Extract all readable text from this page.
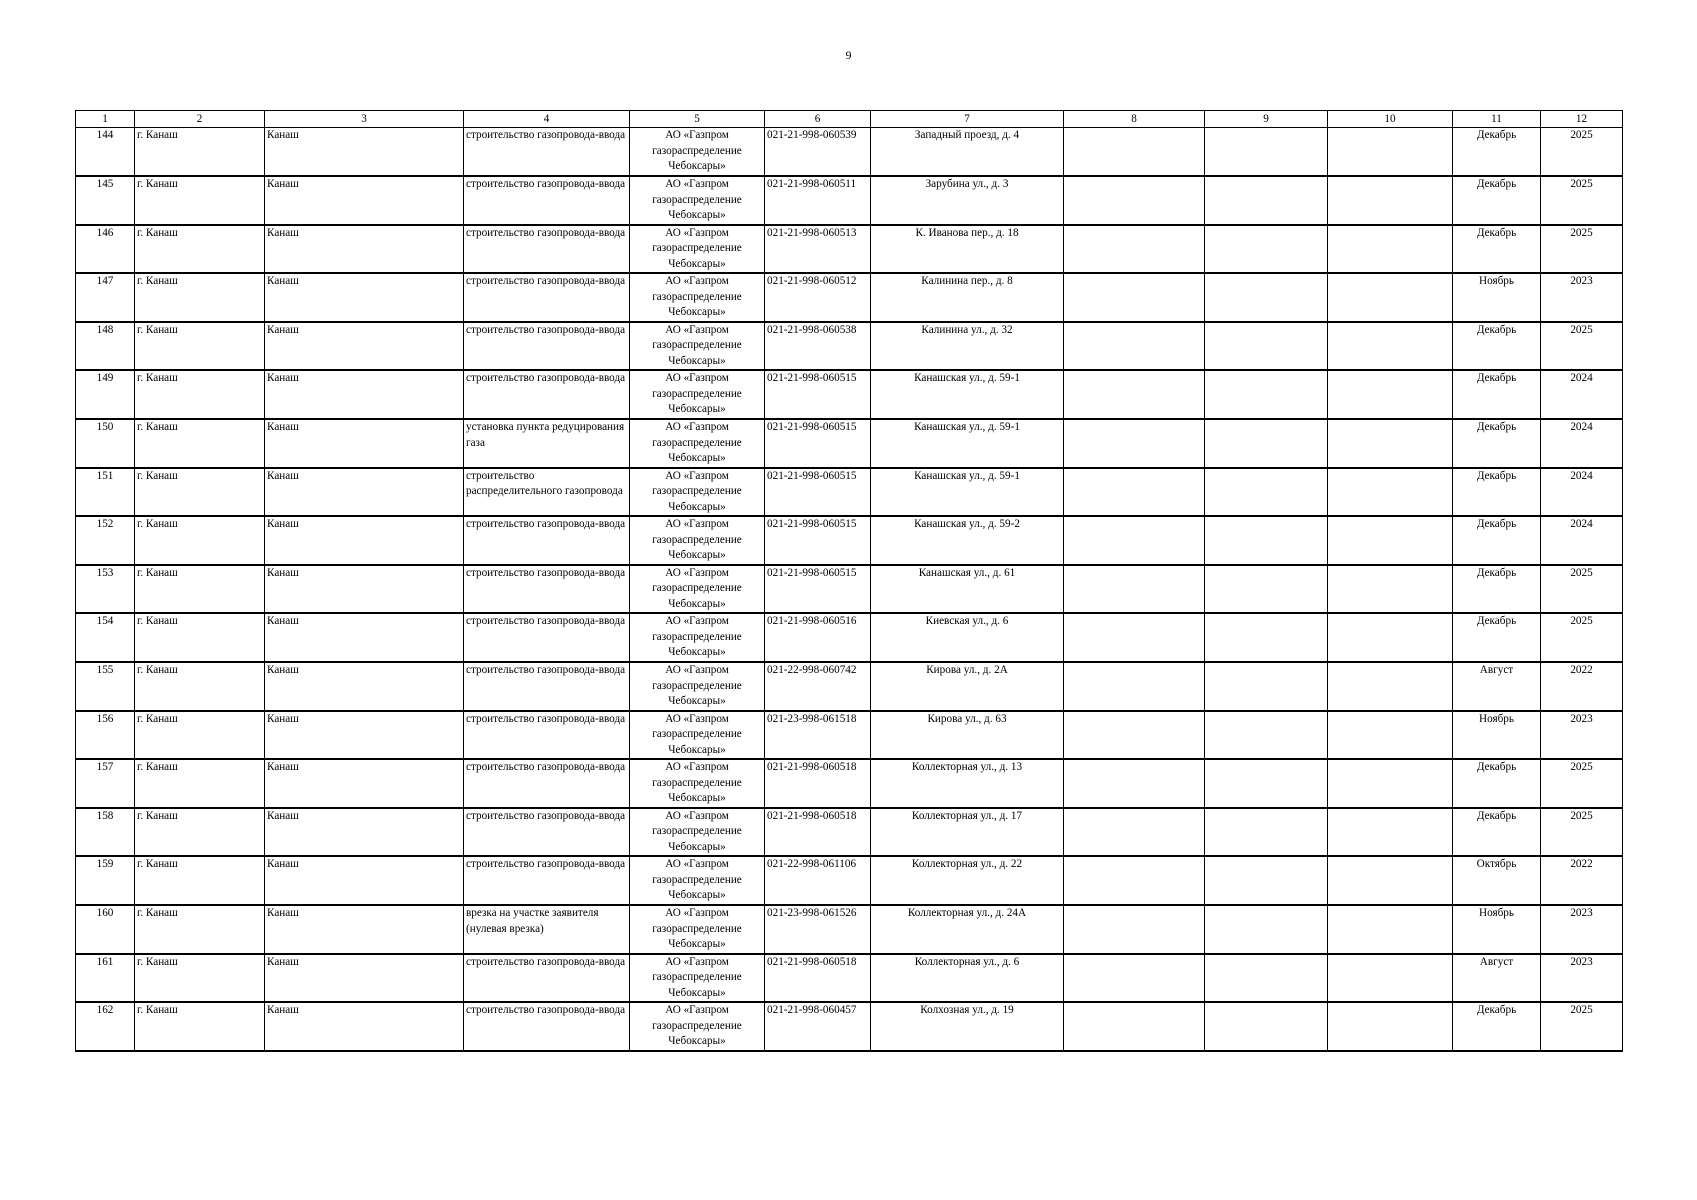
9
1	2	3	4	5	6	7	8	9	10	11	12
144	г. Канаш	Канаш	строительство газопровода-ввода	АО «Газпром газораспределение Чебоксары»	021-21-998-060539	Западный проезд, д. 4				Декабрь	2025
145	г. Канаш	Канаш	строительство газопровода-ввода	АО «Газпром газораспределение Чебоксары»	021-21-998-060511	Зарубина ул., д. 3				Декабрь	2025
146	г. Канаш	Канаш	строительство газопровода-ввода	АО «Газпром газораспределение Чебоксары»	021-21-998-060513	К. Иванова пер., д. 18				Декабрь	2025
147	г. Канаш	Канаш	строительство газопровода-ввода	АО «Газпром газораспределение Чебоксары»	021-21-998-060512	Калинина пер., д. 8				Ноябрь	2023
148	г. Канаш	Канаш	строительство газопровода-ввода	АО «Газпром газораспределение Чебоксары»	021-21-998-060538	Калинина ул., д. 32				Декабрь	2025
149	г. Канаш	Канаш	строительство газопровода-ввода	АО «Газпром газораспределение Чебоксары»	021-21-998-060515	Канашская ул., д. 59-1				Декабрь	2024
150	г. Канаш	Канаш	установка пункта редуцирования газа	АО «Газпром газораспределение Чебоксары»	021-21-998-060515	Канашская ул., д. 59-1				Декабрь	2024
151	г. Канаш	Канаш	строительство распределительного газопровода	АО «Газпром газораспределение Чебоксары»	021-21-998-060515	Канашская ул., д. 59-1				Декабрь	2024
152	г. Канаш	Канаш	строительство газопровода-ввода	АО «Газпром газораспределение Чебоксары»	021-21-998-060515	Канашская ул., д. 59-2				Декабрь	2024
153	г. Канаш	Канаш	строительство газопровода-ввода	АО «Газпром газораспределение Чебоксары»	021-21-998-060515	Канашская ул., д. 61				Декабрь	2025
154	г. Канаш	Канаш	строительство газопровода-ввода	АО «Газпром газораспределение Чебоксары»	021-21-998-060516	Киевская ул., д. 6				Декабрь	2025
155	г. Канаш	Канаш	строительство газопровода-ввода	АО «Газпром газораспределение Чебоксары»	021-22-998-060742	Кирова ул., д. 2А				Август	2022
156	г. Канаш	Канаш	строительство газопровода-ввода	АО «Газпром газораспределение Чебоксары»	021-23-998-061518	Кирова ул., д. 63				Ноябрь	2023
157	г. Канаш	Канаш	строительство газопровода-ввода	АО «Газпром газораспределение Чебоксары»	021-21-998-060518	Коллекторная ул., д. 13				Декабрь	2025
158	г. Канаш	Канаш	строительство газопровода-ввода	АО «Газпром газораспределение Чебоксары»	021-21-998-060518	Коллекторная ул., д. 17				Декабрь	2025
159	г. Канаш	Канаш	строительство газопровода-ввода	АО «Газпром газораспределение Чебоксары»	021-22-998-061106	Коллекторная ул., д. 22				Октябрь	2022
160	г. Канаш	Канаш	врезка на участке заявителя (нулевая врезка)	АО «Газпром газораспределение Чебоксары»	021-23-998-061526	Коллекторная ул., д. 24А				Ноябрь	2023
161	г. Канаш	Канаш	строительство газопровода-ввода	АО «Газпром газораспределение Чебоксары»	021-21-998-060518	Коллекторная ул., д. 6				Август	2023
162	г. Канаш	Канаш	строительство газопровода-ввода	АО «Газпром газораспределение Чебоксары»	021-21-998-060457	Колхозная ул., д. 19				Декабрь	2025
